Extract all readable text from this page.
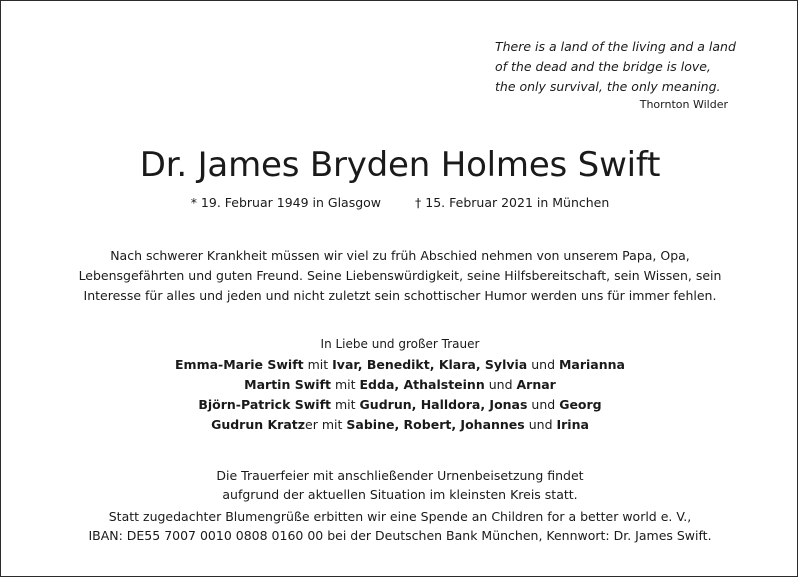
There is a land of the living and a land
of the dead and the bridge is love,
the only survival, the only meaning.
Thornton Wilder
Dr. James Bryden Holmes Swift
* 19. Februar 1949 in Glasgow	† 15. Februar 2021 in München
Nach schwerer Krankheit müssen wir viel zu früh Abschied nehmen von unserem Papa, Opa,
Lebensgefährten und guten Freund. Seine Liebenswürdigkeit, seine Hilfsbereitschaft, sein Wissen, sein
Interesse für alles und jeden und nicht zuletzt sein schottischer Humor werden uns für immer fehlen.
In Liebe und großer Trauer
Emma-Marie Swift mit Ivar, Benedikt, Klara, Sylvia und Marianna
Martin Swift mit Edda, Athalsteinn und Arnar
Björn-Patrick Swift mit Gudrun, Halldora, Jonas und Georg
Gudrun Kratzer mit Sabine, Robert, Johannes und Irina
Die Trauerfeier mit anschließender Urnenbeisetzung findet
aufgrund der aktuellen Situation im kleinsten Kreis statt.
Statt zugedachter Blumengrüße erbitten wir eine Spende an Children for a better world e. V.,
IBAN: DE55 7007 0010 0808 0160 00 bei der Deutschen Bank München, Kennwort: Dr. James Swift.
